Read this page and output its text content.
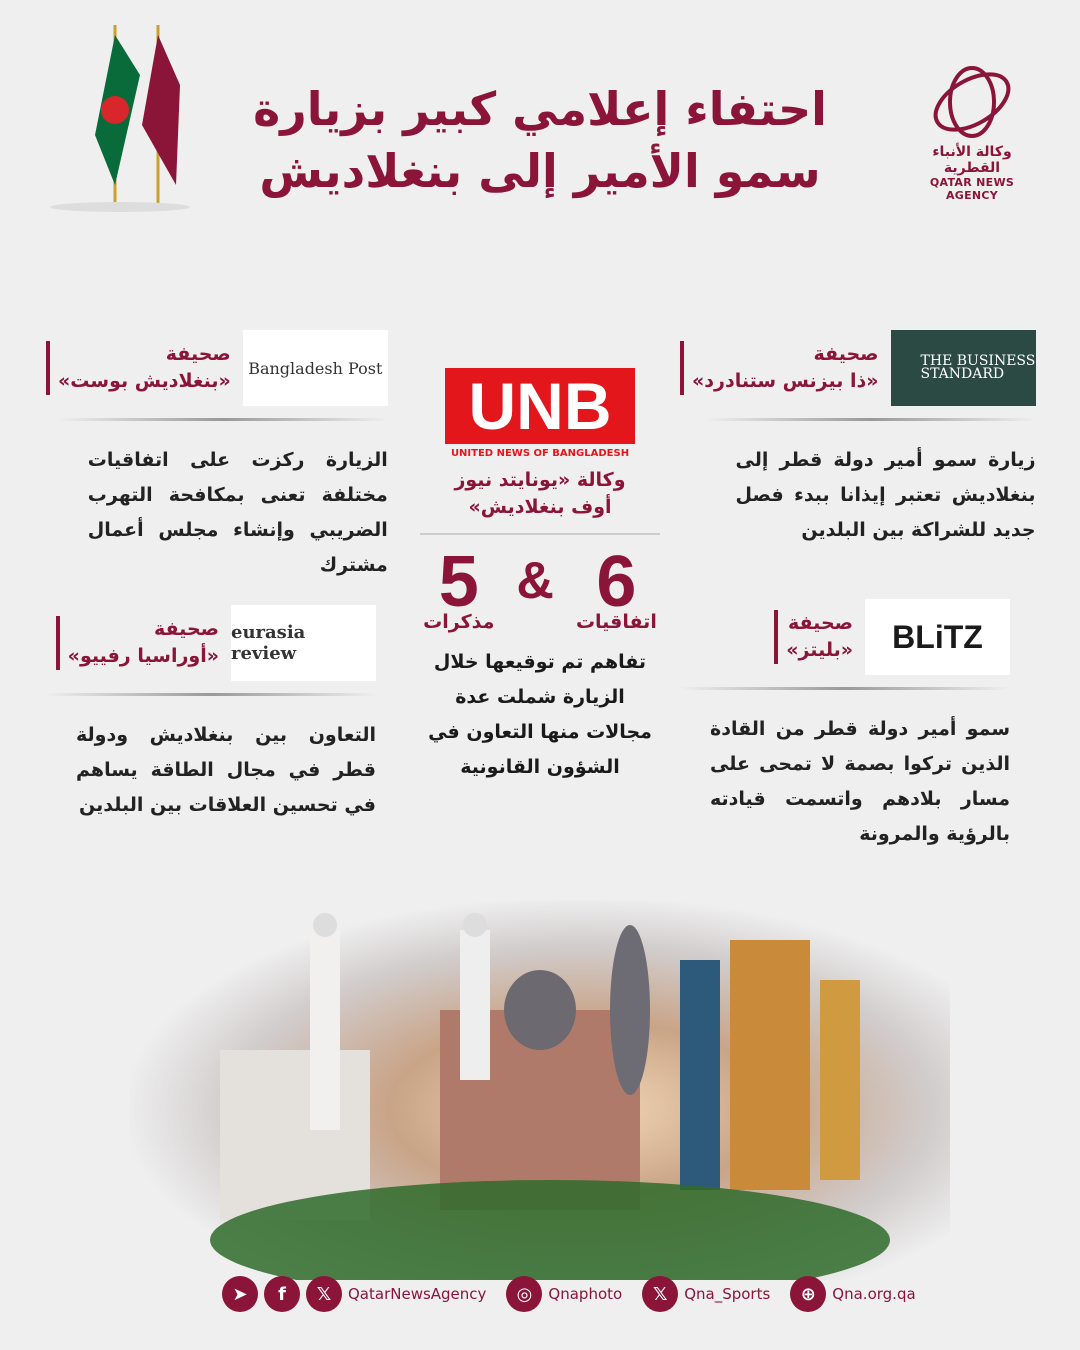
احتفاء إعلامي كبير بزيارة
سمو الأمير إلى بنغلاديش	وكالة الأنباء القطرية
QATAR NEWS AGENCY
THE BUSINESS STANDARD
صحيفة
«ذا بيزنس ستنادرد»
زيارة سمو أمير دولة قطر إلى بنغلاديش تعتبر إيذانا ببدء فصل جديد للشراكة بين البلدين
Bangladesh Post
صحيفة
«بنغلاديش بوست»
الزيارة ركزت على اتفاقيات مختلفة تعنى بمكافحة التهرب الضريبي وإنشاء مجلس أعمال مشترك
BLiTZ
صحيفة
«بليتز»
سمو أمير دولة قطر من القادة الذين تركوا بصمة لا تمحى على مسار بلادهم واتسمت قيادته بالرؤية والمرونة
eurasia review
صحيفة
«أوراسيا رفييو»
التعاون بين بنغلاديش ودولة قطر في مجال الطاقة يساهم في تحسين العلاقات بين البلدين
UNB
UNITED NEWS OF BANGLADESH
وكالة «يونايتد نيوز أوف بنغلاديش»
6
اتفاقيات
&
5
مذكرات
تفاهم تم توقيعها خلال الزيارة شملت عدة مجالات منها التعاون في الشؤون القانونية
➤	f	𝕏	QatarNewsAgency	◎	Qnaphoto	𝕏	Qna_Sports	⊕	Qna.org.qa
